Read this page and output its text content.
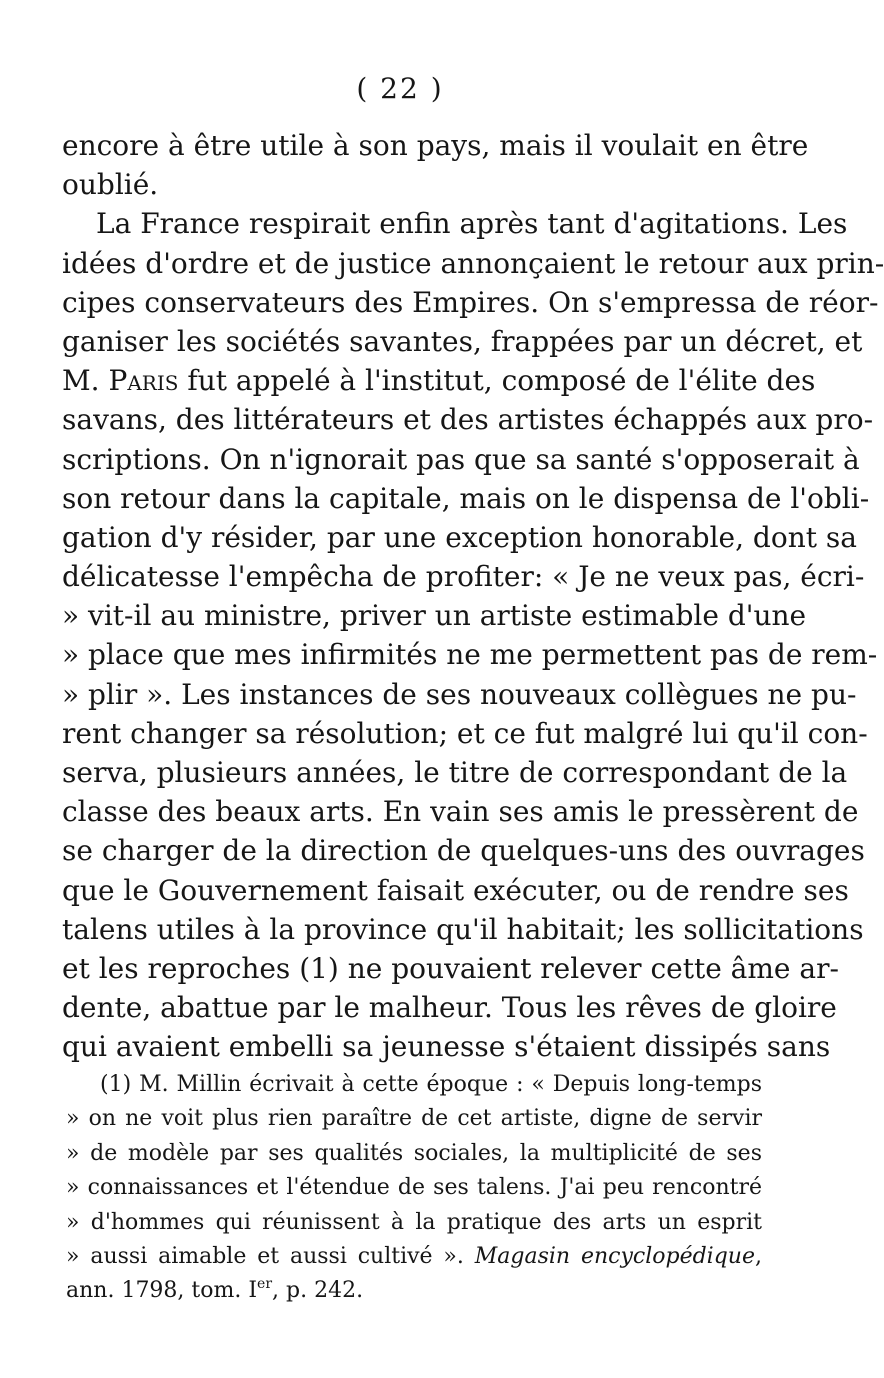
( 22 )
encore à être utile à son pays, mais il voulait en être
oublié.
La France respirait enfin après tant d'agitations. Les
idées d'ordre et de justice annonçaient le retour aux prin-
cipes conservateurs des Empires. On s'empressa de réor-
ganiser les sociétés savantes, frappées par un décret, et
M. Paris fut appelé à l'institut, composé de l'élite des
savans, des littérateurs et des artistes échappés aux pro-
scriptions. On n'ignorait pas que sa santé s'opposerait à
son retour dans la capitale, mais on le dispensa de l'obli-
gation d'y résider, par une exception honorable, dont sa
délicatesse l'empêcha de profiter: « Je ne veux pas, écri-
» vit-il au ministre, priver un artiste estimable d'une
» place que mes infirmités ne me permettent pas de rem-
» plir ». Les instances de ses nouveaux collègues ne pu-
rent changer sa résolution; et ce fut malgré lui qu'il con-
serva, plusieurs années, le titre de correspondant de la
classe des beaux arts. En vain ses amis le pressèrent de
se charger de la direction de quelques-uns des ouvrages
que le Gouvernement faisait exécuter, ou de rendre ses
talens utiles à la province qu'il habitait; les sollicitations
et les reproches (1) ne pouvaient relever cette âme ar-
dente, abattue par le malheur. Tous les rêves de gloire
qui avaient embelli sa jeunesse s'étaient dissipés sans
(1) M. Millin écrivait à cette époque : « Depuis long-temps
» on ne voit plus rien paraître de cet artiste, digne de servir
» de modèle par ses qualités sociales, la multiplicité de ses
» connaissances et l'étendue de ses talens. J'ai peu rencontré
» d'hommes qui réunissent à la pratique des arts un esprit
» aussi aimable et aussi cultivé ». Magasin encyclopédique,
ann. 1798, tom. Ier, p. 242.
